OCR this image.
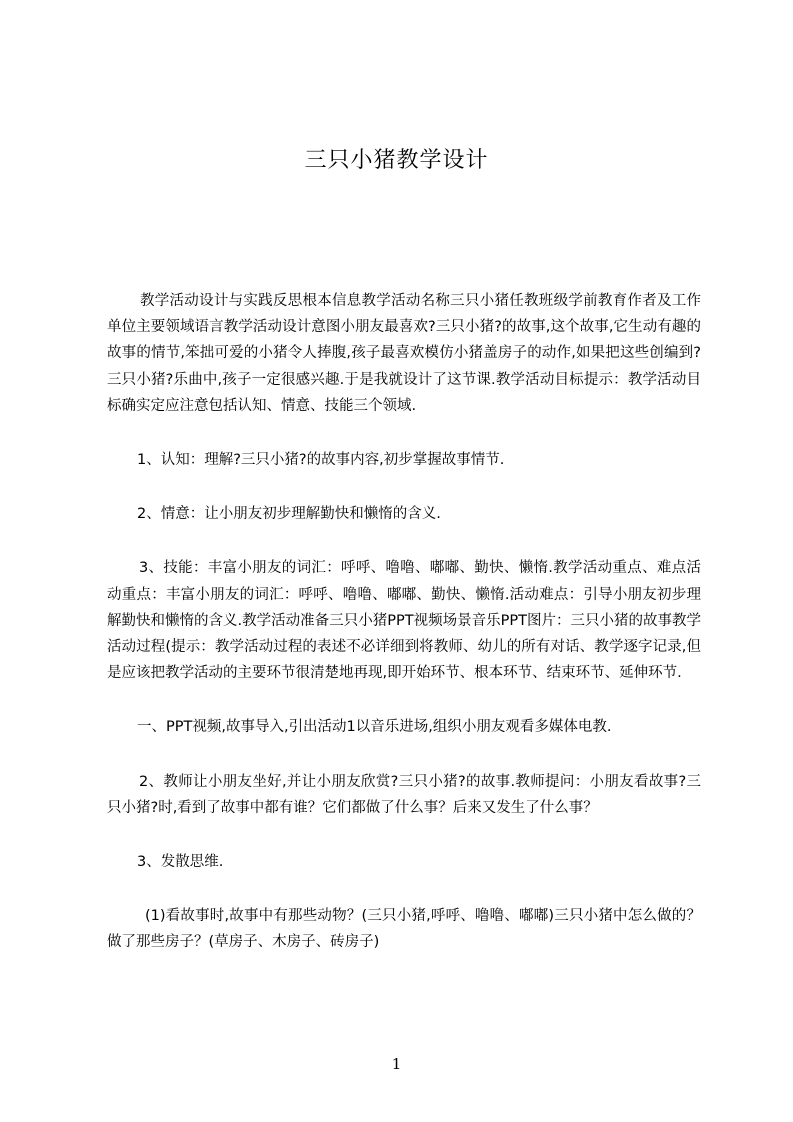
三只小猪教学设计

教学活动设计与实践反思根本信息教学活动名称三只小猪任教班级学前教育作者及工作单位主要领域语言教学活动设计意图小朋友最喜欢?三只小猪?的故事,这个故事,它生动有趣的故事的情节,笨拙可爱的小猪令人捧腹,孩子最喜欢模仿小猪盖房子的动作,如果把这些创编到?三只小猪?乐曲中,孩子一定很感兴趣.于是我就设计了这节课.教学活动目标提示：教学活动目标确实定应注意包括认知、情意、技能三个领域.

1、认知：理解?三只小猪?的故事内容,初步掌握故事情节.

2、情意：让小朋友初步理解勤快和懒惰的含义.

3、技能：丰富小朋友的词汇：呼呼、噜噜、嘟嘟、勤快、懒惰.教学活动重点、难点活动重点：丰富小朋友的词汇：呼呼、噜噜、嘟嘟、勤快、懒惰.活动难点：引导小朋友初步理解勤快和懒惰的含义.教学活动准备三只小猪PPT视频场景音乐PPT图片：三只小猪的故事教学活动过程(提示：教学活动过程的表述不必详细到将教师、幼儿的所有对话、教学逐字记录,但是应该把教学活动的主要环节很清楚地再现,即开始环节、根本环节、结束环节、延伸环节.

一、PPT视频,故事导入,引出活动1以音乐进场,组织小朋友观看多媒体电教.

2、教师让小朋友坐好,并让小朋友欣赏?三只小猪?的故事.教师提问：小朋友看故事?三只小猪?时,看到了故事中都有谁？它们都做了什么事？后来又发生了什么事？

3、发散思维.

(1)看故事时,故事中有那些动物？(三只小猪,呼呼、噜噜、嘟嘟)三只小猪中怎么做的？做了那些房子？(草房子、木房子、砖房子)

1
